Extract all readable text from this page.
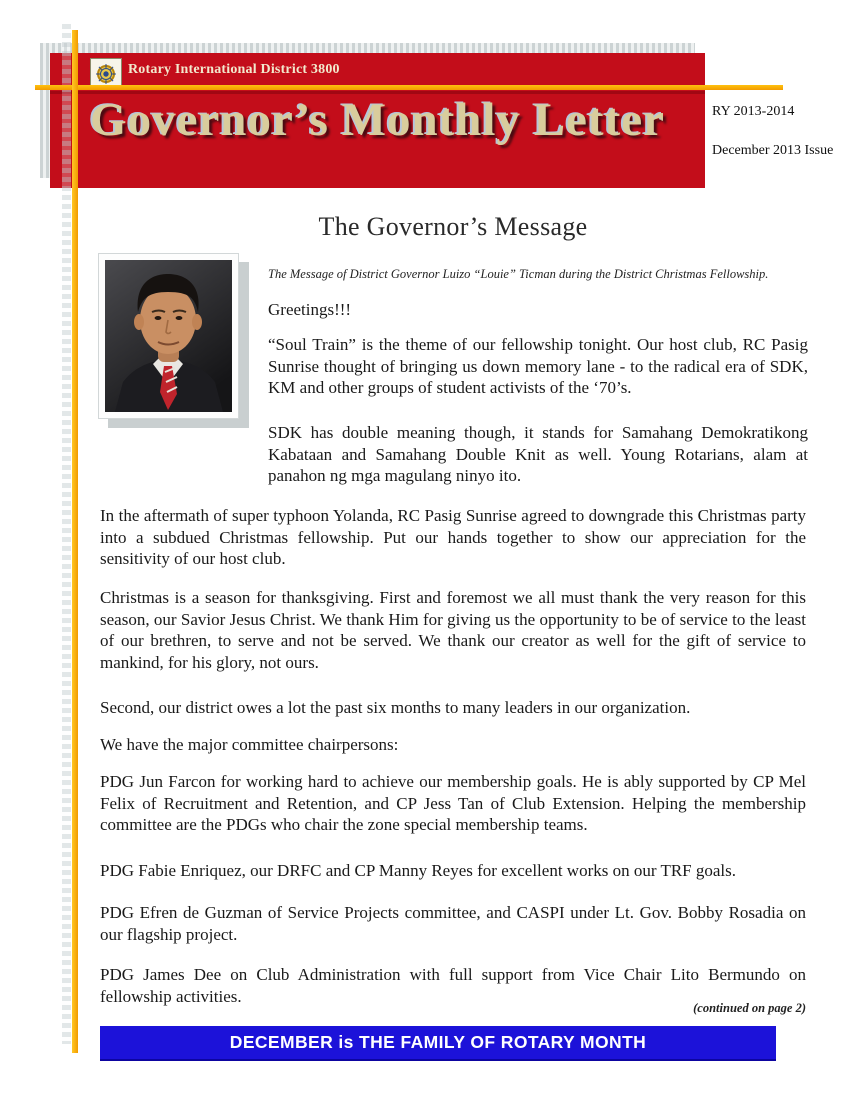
Rotary International District 3800
Governor’s Monthly Letter	RY 2013-2014
December 2013 Issue
The Governor’s Message
The Message of District Governor Luizo “Louie” Ticman during the District Christmas Fellowship.
Greetings!!!

“Soul Train” is the theme of our fellowship tonight. Our host club, RC Pasig Sunrise thought of bringing us down memory lane - to the radical era of SDK, KM and other groups of student activists of the ‘70’s.

SDK has double meaning though, it stands for Samahang Demokratikong Kabataan and Samahang Double Knit as well. Young Rotarians, alam at panahon ng mga magulang ninyo ito.

In the aftermath of super typhoon Yolanda, RC Pasig Sunrise agreed to downgrade this Christmas party into a subdued Christmas fellowship. Put our hands together to show our appreciation for the sensitivity of our host club.

Christmas is a season for thanksgiving. First and foremost we all must thank the very reason for this season, our Savior Jesus Christ. We thank Him for giving us the opportunity to be of service to the least of our brethren, to serve and not be served. We thank our creator as well for the gift of service to mankind, for his glory, not ours.

Second, our district owes a lot the past six months to many leaders in our organization.

We have the major committee chairpersons:

PDG Jun Farcon for working hard to achieve our membership goals. He is ably supported by CP Mel Felix of Recruitment and Retention, and CP Jess Tan of Club Extension. Helping the membership committee are the PDGs who chair the zone special membership teams.

PDG Fabie Enriquez, our DRFC and CP Manny Reyes for excellent works on our TRF goals.

PDG Efren de Guzman of Service Projects committee, and CASPI under Lt. Gov. Bobby Rosadia on our flagship project.

PDG James Dee on Club Administration with full support from Vice Chair Lito Bermundo on fellowship activities.

(continued on page 2)
DECEMBER is THE FAMILY OF ROTARY MONTH
